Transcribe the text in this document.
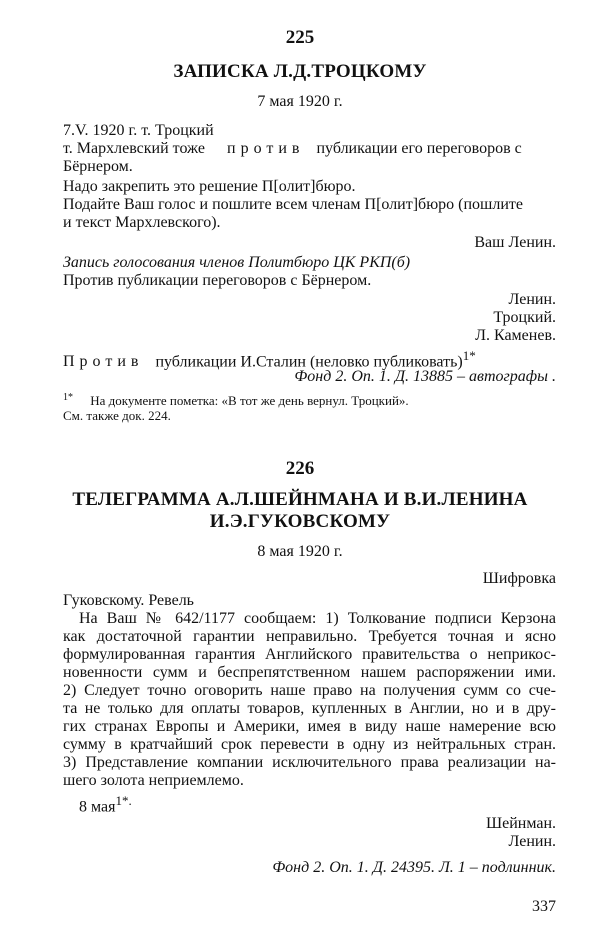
225
ЗАПИСКА Л.Д.ТРОЦКОМУ
7 мая 1920 г.
7.V. 1920 г. т. Троцкий
т. Мархлевский тоже против публикации его переговоров с
Бёрнером.
Надо закрепить это решение П[олит]бюро.
Подайте Ваш голос и пошлите всем членам П[олит]бюро (пошлите
и текст Мархлевского).
Ваш Ленин.
Запись голосования членов Политбюро ЦК РКП(б)
Против публикации переговоров с Бёрнером.
Ленин.
Троцкий.
Л. Каменев.
Против публикации И.Сталин (неловко публиковать)$^{1*}$
Фонд 2. Оп. 1. Д. 13885 – автографы .
$^{1*}$ На документе пометка: «В тот же день вернул. Троцкий».
См. также док. 224.
226
ТЕЛЕГРАММА А.Л.ШЕЙНМАНА И В.И.ЛЕНИНА
И.Э.ГУКОВСКОМУ
8 мая 1920 г.
Шифровка
Гуковскому. Ревель
На Ваш № 642/1177 сообщаем: 1) Толкование подписи Керзона
как достаточной гарантии неправильно. Требуется точная и ясно
формулированная гарантия Английского правительства о неприкос-
новенности сумм и беспрепятственном нашем распоряжении ими.
2) Следует точно оговорить наше право на получения сумм со сче-
та не только для оплаты товаров, купленных в Англии, но и в дру-
гих странах Европы и Америки, имея в виду наше намерение всю
сумму в кратчайший срок перевести в одну из нейтральных стран.
3) Представление компании исключительного права реализации на-
шего золота неприемлемо.
8 мая$^{1*.}$
Шейнман.
Ленин.
Фонд 2. Оп. 1. Д. 24395. Л. 1 – подлинник.
337
